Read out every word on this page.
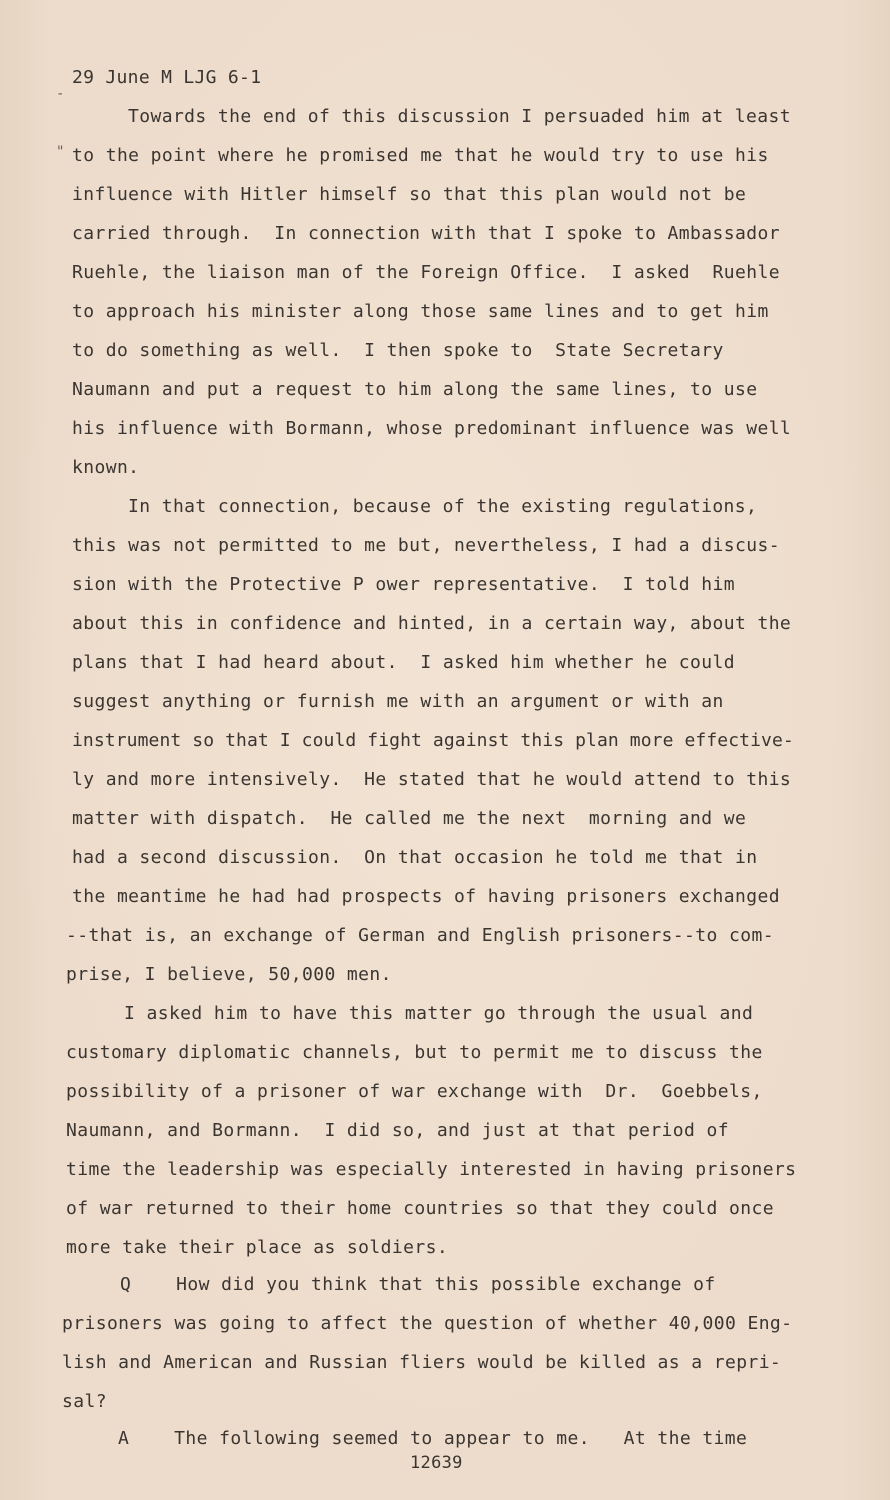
29 June M LJG 6-1
-
"
Towards the end of this discussion I persuaded him at least
to the point where he promised me that he would try to use his
influence with Hitler himself so that this plan would not be
carried through.  In connection with that I spoke to Ambassador
Ruehle, the liaison man of the Foreign Office.  I asked  Ruehle
to approach his minister along those same lines and to get him
to do something as well.  I then spoke to  State Secretary
Naumann and put a request to him along the same lines, to use
his influence with Bormann, whose predominant influence was well
known.
In that connection, because of the existing regulations,
this was not permitted to me but, nevertheless, I had a discus-
sion with the Protective P ower representative.  I told him
about this in confidence and hinted, in a certain way, about the
plans that I had heard about.  I asked him whether he could
suggest anything or furnish me with an argument or with an
instrument so that I could fight against this plan more effective-
ly and more intensively.  He stated that he would attend to this
matter with dispatch.  He called me the next  morning and we
had a second discussion.  On that occasion he told me that in
the meantime he had had prospects of having prisoners exchanged
--that is, an exchange of German and English prisoners--to com-
prise, I believe, 50,000 men.
I asked him to have this matter go through the usual and
customary diplomatic channels, but to permit me to discuss the
possibility of a prisoner of war exchange with  Dr.  Goebbels,
Naumann, and Bormann.  I did so, and just at that period of
time the leadership was especially interested in having prisoners
of war returned to their home countries so that they could once
more take their place as soldiers.
Q    How did you think that this possible exchange of
prisoners was going to affect the question of whether 40,000 Eng-
lish and American and Russian fliers would be killed as a repri-
sal?
A    The following seemed to appear to me.   At the time
12639
